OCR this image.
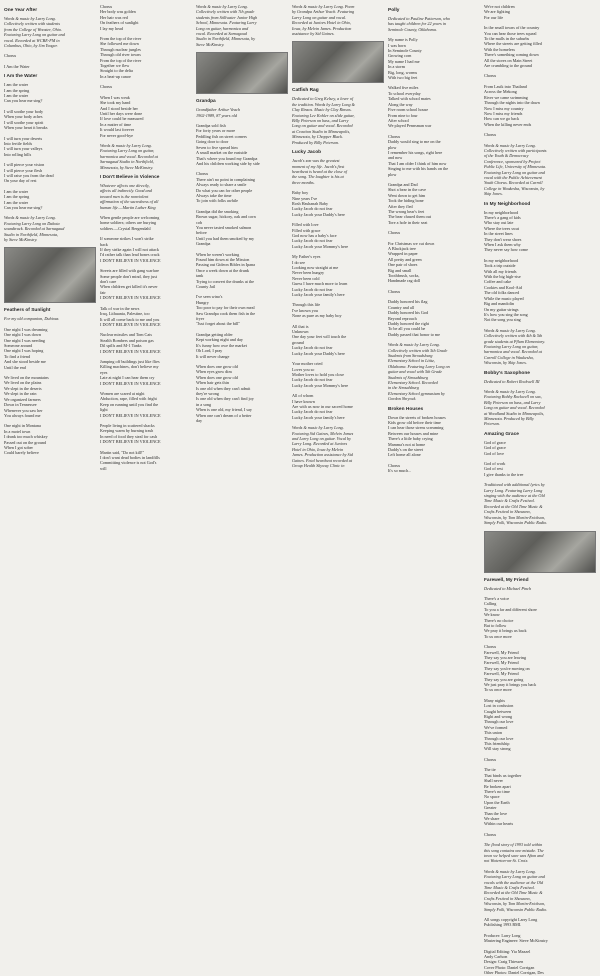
One Year After
Words & music by Larry Long.
Collectively written with students
from the College of Wooster, Ohio.
Featuring Larry Long on guitar and
vocal. Recorded at WCBE-FM in
Columbus, Ohio, by Jim Yeager.
Chorus
I Am the Water
I Am the Water
I am the water
I am the spring
I am the water
Can you hear me sing?
I will soothe your body
When your body aches
I will soothe your spirit
When your heart it breaks
I will turn your deserts
Into fertile fields
I will turn your valleys
Into rolling hills
I will pierce your vision
I will pierce your flesh
I will raise you from the dead
On your day of rest
I am the water
I am the spring
I am the water
Can you hear me sing?
Words & music by Larry Long.
Featuring Larry Long on Dakota
soundtrack. Recorded at Sarnagaud
Studio in Northfield, Minnesota,
by Steve McKinstry.
Feathers of Sunlight
For my old companion, Dubious
One night I was dreaming
One night I was down
One night I was needing
Someone around
One night I was hoping
To find a friend
And she stood beside me
Until the end
We lived on the mountains
We lived on the plains
We slept in the deserts
We slept in the rain
We organized farmers
Down in Tennessee
Whenever you saw her
You always found me
One night in Montana
In a motel town
I drank too much whiskey
Passed out on the ground
When I got sober
Could barely believe
Chorus
Her body was golden
Her hair was red
On feathers of sunlight
I lay my head
From the top of the river
She followed me down
Through nuclear jungles
Through old river towns
From the top of the river
Together we flew
Straight to the delta
In a beat-up canoe
Chorus
When I was weak
She took my hand
And I stood beside her
Until her days were done
If love could be measured
In a matter of time
It would last forever
For never good-bye
Words & music by Larry Long.
Featuring Larry Long on guitar,
harmonica and vocal. Recorded at
Sarnagaud Studio in Northfield,
Minnesota, by Steve McKinstry.
I Don't Believe in Violence
Whatever affects one directly,
affects all indirectly. Good and
toward men is the nonviolent
affirmation of the sacredness of all
human life.—Martin Luther King
When gentle people are welcoming
home soldiers; others are burying
soldiers.—Crystal Bergendahl
If someone strikes I won't strike
back
If they strike again I will not attack
I'd rather talk than lead bones crack
I DON'T BELIEVE IN VIOLENCE
Streets are filled with gang warfare
Some people don't mind, they just
don't care
When children get killed it's never
fair
I DON'T BELIEVE IN VIOLENCE
Talk of war in the news
Iraq, Lithuania, Palestine, too
It will all come back to me and you
I DON'T BELIEVE IN VIOLENCE
Nuclear missiles and Tom Cats
Stealth Bombers and poison gas
Dil spills and M-1 Tanks
I DON'T BELIEVE IN VIOLENCE
Jumping off buildings just like flies
Killing machines, don't believe my
eyes
Late at night I can hear them cry
I DON'T BELIEVE IN VIOLENCE
Women are scared at night
Abduction, rape, filled with fright
Keep on running until you find the
light
I DON'T BELIEVE IN VIOLENCE
People living in scattered shacks
Keeping warm by burning trash
In need of food they steal for cash
I DON'T BELIEVE IN VIOLENCE
Martin said, "Do not kill!"
I don't want dead bodies in landfills
Committing violence is not God's
will
Words & music by Larry Long.
Collectively written with 7th grade
students from Stillwater Junior High
School, Minnesota. Featuring Larry
Long on guitar, harmonica and
vocal. Recorded at Sarnagaud
Studio in Northfield, Minnesota, by
Steve McKinstry.
Grandpa
Grandfather Arthur Veach
1902-1989, 87 years old
Grandpa sold fish
For forty years or more
Peddling fish on street corners
Going door to door
Seven to five spread him
A small market on the eastside
That's where you found my Grandpa
And his children working side by side
Chorus
There ain't no point in complaining
Always ready to share a smile
Do what you can for other people
Always take the time
To join with folks awhile
Grandpa did the smoking
Brown sugar, hickory, oak and corn
cob
You never tasted smoked salmon
before
Until you had them smoked by my
Grandpa
When he weren't working
Found him down at the Mission
Passing out Gideon Bibles in Ipana
Once a week down at the drunk
tank
Trying to convert the drunks at the
County Jail
I've seen wino's
Hungry
Too poor to pay for their own meal
Saw Grandpa cook them fish in the
fryer
"Just forget about the bill"
Grandpa getting older
Kept working night and day
It's funny how owe the market
Oh Lord, I pray
It will never change
When does one grow old
When eyes grow dim
When does one grow old
When hair gets thin
Is one old when they can't admit
they're wrong
Is one old when they can't find joy
in a song
When is one old, my friend, I say
When one can't dream of a better
day
Words & music by Larry Long. Poem
by Grandpa Arthur Veach. Featuring
Larry Long on guitar and vocal.
Recorded at Juniors Hotel in Ohio,
Iowa, by Melvin James. Production
assistance by Sid Gaines.
Catfish Rag
Dedicated to Greg Kelsey, a lover of
the tradition. Words by Larry Long &
Clay Rinsos. Music by Clay Rinsos.
Featuring Lee Kohler on slide guitar,
Billy Peterson on bass, and Larry
Long on guitar and vocal. Recorded
at Creation Studio in Minneapolis,
Minnesota, by Chopper Black.
Produced by Billy Peterson.
Lucky Jacob
Jacob's son was the greatest
moment of my life. Jacob's first
heartbeat is heard at the close of
the song. The laughter is his at
three months.
Baby boy
Nine years I've
Rosh Hashanah Baby
Lucky Jacob do not fear
Lucky Jacob your Daddy's here
Filled with love
Filled with grace
God now has a baby's face
Lucky Jacob do not fear
Lucky Jacob your Mommy's here
My Father's eyes
I do see
Looking now straight at me
Never been hungry
Never been cold
Guess I have much more to learn
Lucky Jacob do not fear
Lucky Jacob your family's here
Through this life
I've known you
None as pure as my baby boy
All that is
Unknown
One day your feet will touch the
ground
Lucky Jacob do not fear
Lucky Jacob your Daddy's here
Your mother cried
Loves you so
Mother loves to hold you close
Lucky Jacob do not fear
Lucky Jacob your Mommy's here
All of whom
I have known
Are with us now in our sacred home
Lucky Jacob do not fear
Lucky Jacob your family's here
Words & music by Larry Long.
Featuring Sid Gaines, Melvin James
and Larry Long on guitar. Vocal by
Larry Long. Recorded at Juniors
Hotel in Ohio, Iowa by Melvin
James. Production assistance by Sid
Gaines. Fetal heartbeat recorded at
Group Health Skyway Clinic in
Polly
Dedicated to Pauline Patterson, who
has taught children for 22 years in
Seminole County, Oklahoma.
My name is Polly
I was born
In Seminole County
Growing corn
My name I had me
In a storm
Big, long, worms
With two big feet
Walked five miles
To school everyday
Talked with school mates
Along the way
Five room school house
From nine to four
After school
We played Pennsman war
Chorus
Daddy would sing to me on the
plow
I remember his songs, right here
and now
That I am older I think of him now
Singing to me with his hands on the
plow
Grandpa and Dad
Shot a bear in the cave
Went down to get him
Took the hiding bone
After they fled
The wrong bear's feet
The bear chased them out
Tore a hole in their seat
Chorus
For Christmas we cut down
A Blackjack tree
Wrapped in paper
All pretty and green
One pair of shoes
Big and small
Toothbrush, socks,
Handmade rag doll
Chorus
Daddy honored his flag
Country and all
Daddy honored his God
Beyond reproach
Daddy honored the right
To be all you could be
Daddy passed that honor to me
Words & music by Larry Long.
Collectively written with 5th Grade
Students from Stroudsburg
Elementary School in Lititz,
Oklahoma. Featuring Larry Long on
guitar and vocal with 5th Grade
Students of Stroudsburg
Elementary School. Recorded
in the Stroudsburg
Elementary School gymnasium by
Gordon Shryock.
Broken Houses
Down the streets of broken houses
Kids grow old before their time
I can hear those sirens screaming
Between our houses and mine
There's a little baby crying
Mamma's not at home
Daddy's on the street
Left home all alone
Chorus
It's so much...
We're not children
We are fighting
For our life
In the small towns of the country
You can hear those trees squeal
To the malls in the suburbs
Where the streets are getting filled
With the homeless
There's something coming down
All the stores on Main Street
Are crumbling to the ground
Chorus
From Lasik into Thailand
Across the Mekong
River we came swimming
Through the nights into the dawn
Now I miss my country
Now I miss my friends
How can we go back
When the killing never ends
Chorus
Words & music by Larry Long.
Collectively written with participants
of the Youth & Democracy
Conference, sponsored by Project
Public Life, University of Minnesota.
Featuring Larry Long on guitar and
vocal with the Public Achievement
Youth Chorus. Recorded at Carroll
College in Waukesha, Wisconsin, by
Skip Jones.
In My Neighborhood
In my neighborhood
There's a gang of kids
Who stay out late
Where the trees swat
In the street lines
They don't wear shoes
When I ask them why
They never say how come
In my neighborhood
Took a trip outside
With all my friends
With the big high-rise
Coffee and cake
Cookies and Kool-Aid
The old folks danced
While the music played
Big and mandolin
On my guitar strings
It's how you sing the song
Not the song you sing
Words & music by Larry Long.
Collectively written with 4th & 5th
grade students at Pflum Elementary.
Featuring Larry Long on guitar,
harmonica and vocal. Recorded at
Carroll College in Waukesha,
Wisconsin, by Skip Jones.
Bobby's Saxophone
Dedicated to Robert Rockwell III
Words & music by Larry Long.
Featuring Bobby Rockwell on sax,
Billy Peterson on bass, and Larry
Long on guitar and vocal. Recorded
at Woodland Studio in Minneapolis,
Minnesota. Produced by Billy
Peterson.
Amazing Grace
God of grace
God of grace
God of love
God of work
God of rest
I give thanks to the tree
Traditional with additional lyrics by
Larry Long. Featuring Larry Long
singing with the audience at the Old
Time Music & Crafts Festival.
Recorded at the Old Time Music &
Crafts Festival in Shawano,
Wisconsin, by Tom Martin-Erickson,
Simply Folk, Wisconsin Public Radio.
Farewell, My Friend
Dedicated to Michael Pinch
There's a voice
Calling
To you a far and different shore
We know
There's no choice
But to follow
We pray it brings us back
To us once more
Chorus
Farewell, My Friend
They say you are leaving
Farewell, My Friend
They say you're moving on
Farewell, My Friend
They say you are going
We just pray it brings you back
To us once more
Many nights
Lost in confusion
Caught between
Right and wrong
Through our love
We've formed
This union
Through our love
This friendship
Will stay strong
Chorus
The tie
That binds us together
Shall never
Be broken apart
There's no time
No space
Upon the Earth
Greater
Than the love
We share
Within our hearts
Chorus
The flood story of 1993 told within
this song contains one mistake. The
town we helped save was Afton and
not Waterton-on-St. Croix.
Words & music by Larry Long.
Featuring Larry Long on guitar and
vocals with the audience at the Old
Time Music & Crafts Festival.
Recorded at the Old Time Music &
Crafts Festival in Shawano,
Wisconsin, by Tom Martin-Erickson,
Simply Folk, Wisconsin Public Radio.
All songs copyright Larry Long
Publishing 1993 BMI.
Producer: Larry Long
Mastering Engineer: Steve McKinstry
Digital Editing: Yia Mazzel
Andy Carlson
Design: Craig Thiessen
Cover Photo: Daniel Corrigan
Other Photos: Daniel Corrigan, Des
